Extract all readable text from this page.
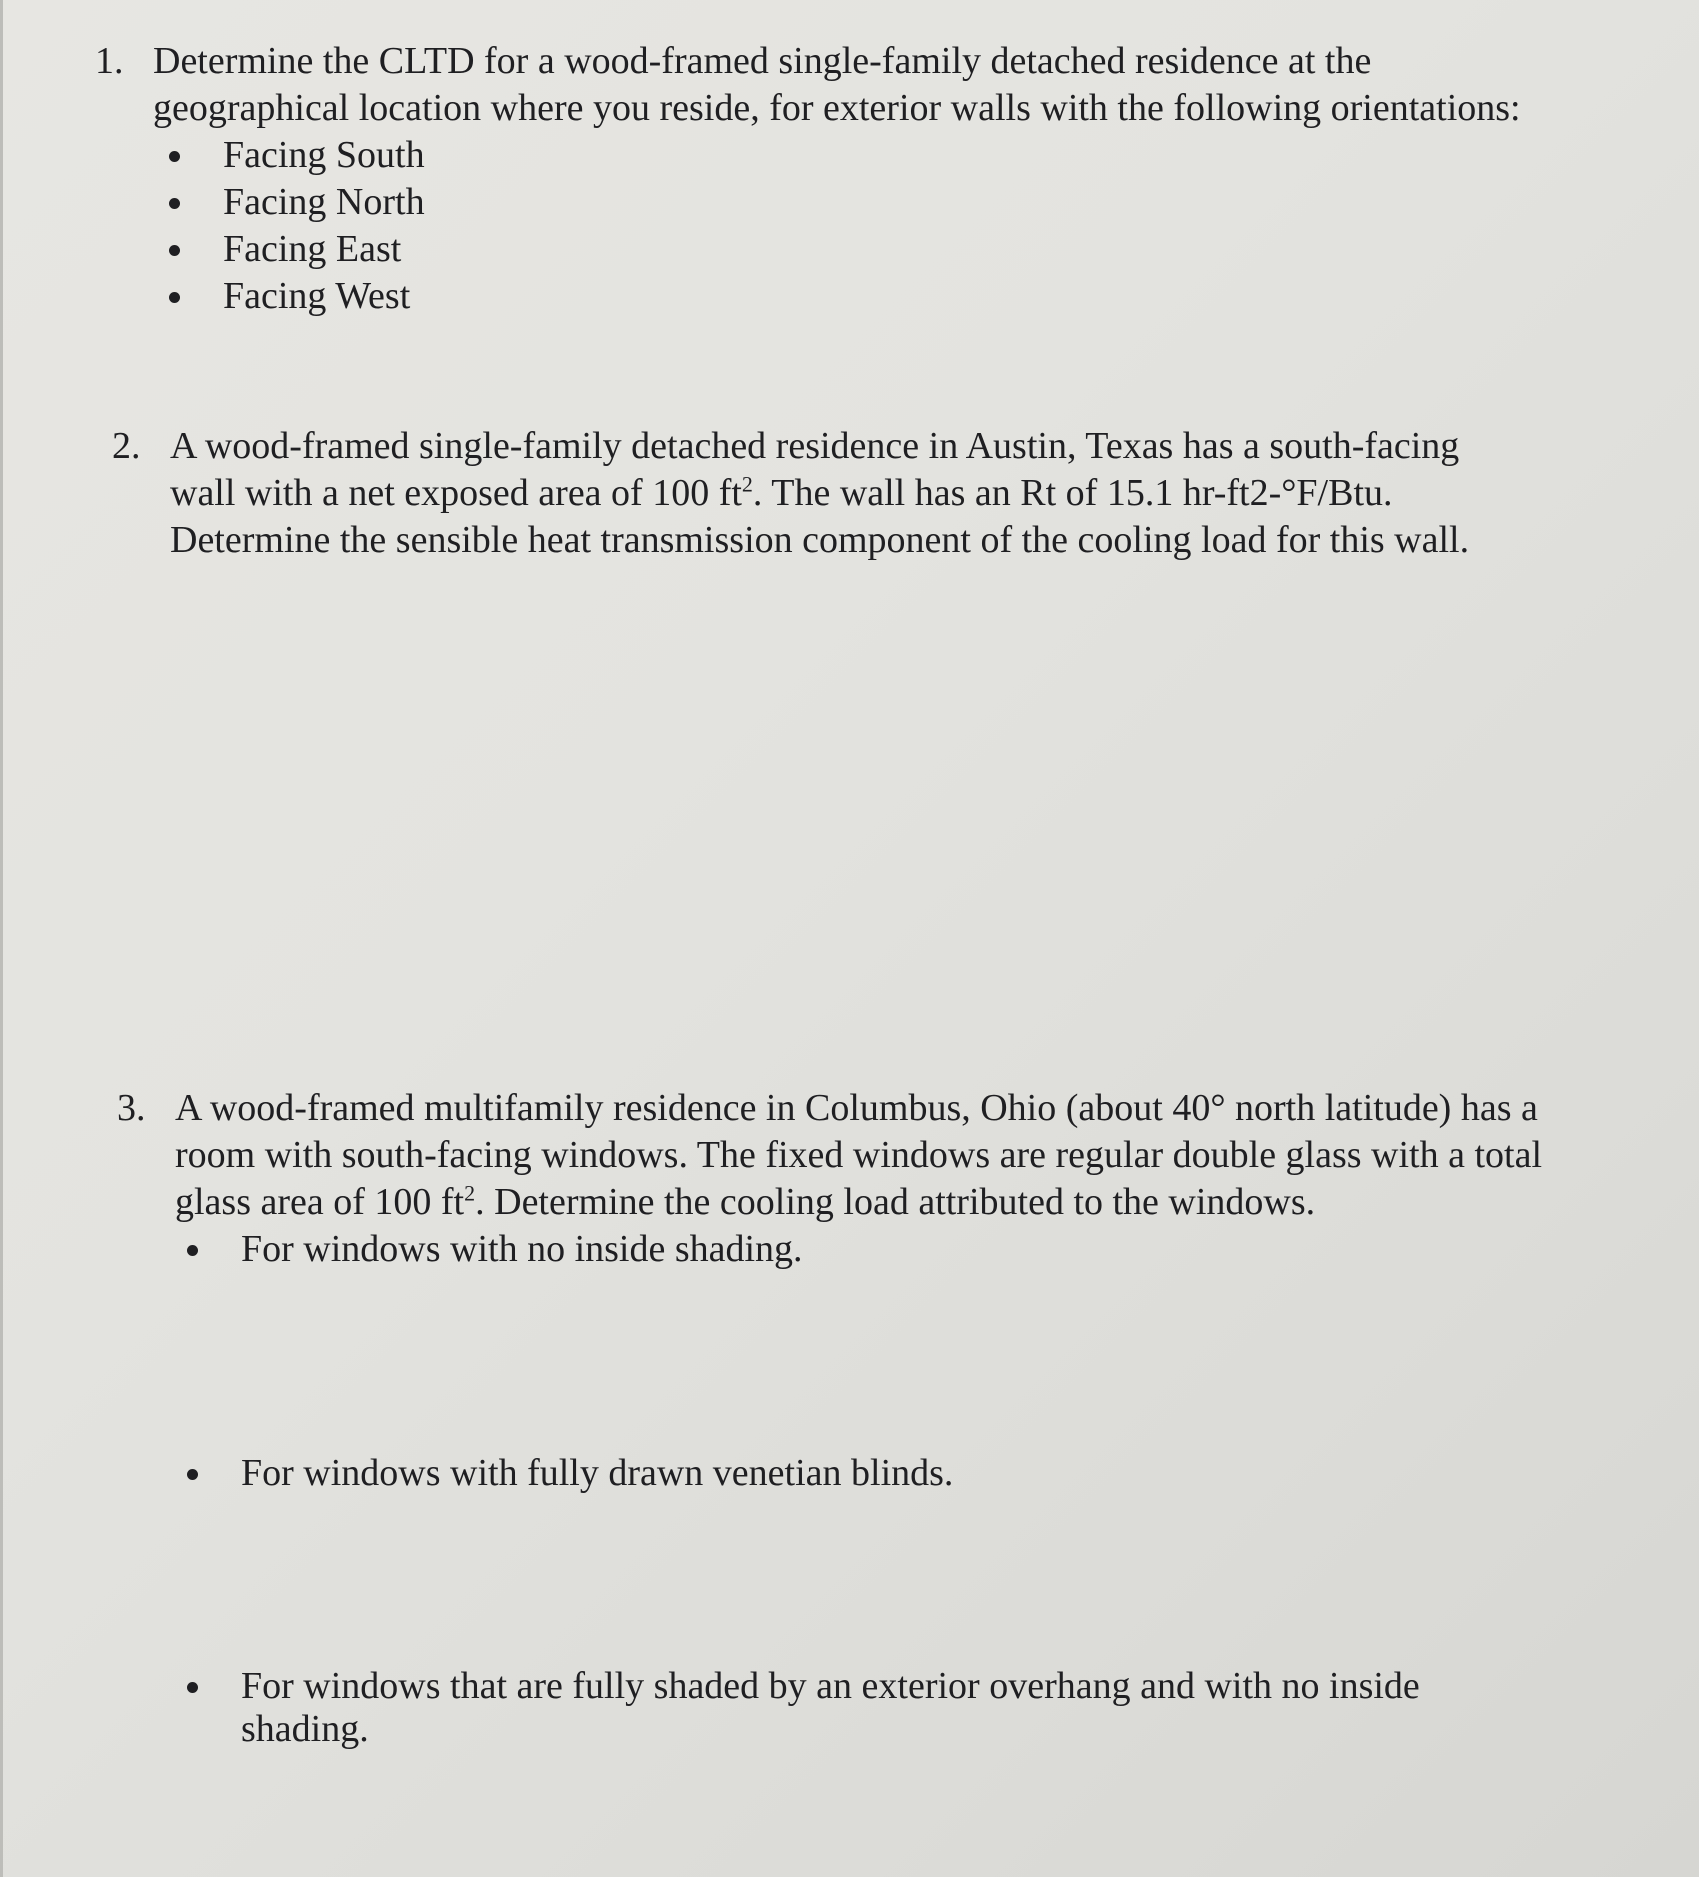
1. Determine the CLTD for a wood-framed single-family detached residence at the

geographical location where you reside, for exterior walls with the following orientations:

Facing South
Facing North
Facing East
Facing West
2. A wood-framed single-family detached residence in Austin, Texas has a south-facing

wall with a net exposed area of 100 $ft^2$. The wall has an Rt of 15.1 hr-ft2-°F/Btu.

Determine the sensible heat transmission component of the cooling load for this wall.

3. A wood-framed multifamily residence in Columbus, Ohio (about 40° north latitude) has a

room with south-facing windows. The fixed windows are regular double glass with a total

glass area of 100 $ft^2$. Determine the cooling load attributed to the windows.

For windows with no inside shading.
For windows with fully drawn venetian blinds.
For windows that are fully shaded by an exterior overhang and with no inside
shading.
